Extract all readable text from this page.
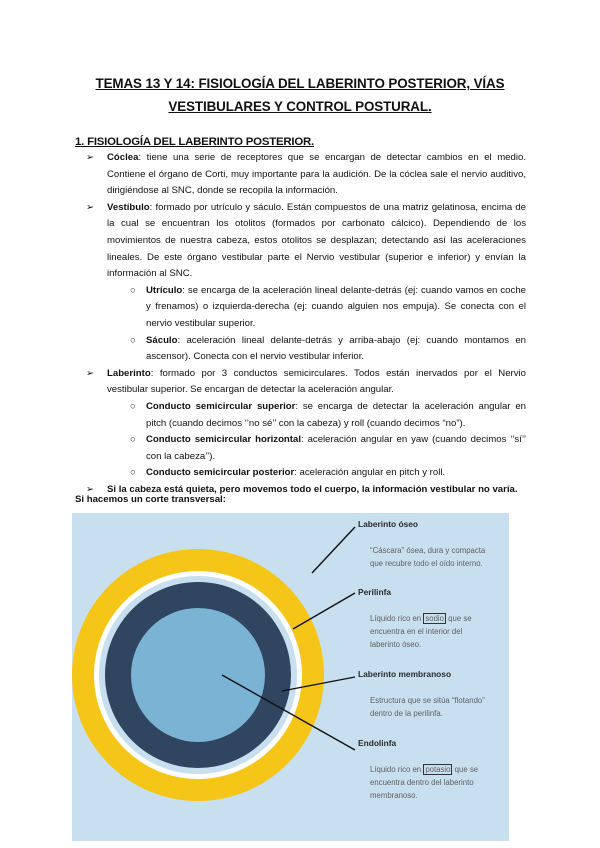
TEMAS 13 Y 14: FISIOLOGÍA DEL LABERINTO POSTERIOR, VÍAS
VESTIBULARES Y CONTROL POSTURAL.
1. FISIOLOGÍA DEL LABERINTO POSTERIOR.
➢ Cóclea: tiene una serie de receptores que se encargan de detectar cambios en el medio. Contiene el órgano de Corti, muy importante para la audición. De la cóclea sale el nervio auditivo, dirigiéndose al SNC, donde se recopila la información.
➢ Vestíbulo: formado por utrículo y sáculo. Están compuestos de una matriz gelatinosa, encima de la cual se encuentran los otolitos (formados por carbonato cálcico). Dependiendo de los movimientos de nuestra cabeza, estos otolitos se desplazan; detectando así las aceleraciones lineales. De este órgano vestibular parte el Nervio vestibular (superior e inferior) y envían la información al SNC.
○ Utrículo: se encarga de la aceleración lineal delante-detrás (ej: cuando vamos en coche y frenamos) o izquierda-derecha (ej: cuando alguien nos empuja). Se conecta con el nervio vestibular superior.
○ Sáculo: aceleración lineal delante-detrás y arriba-abajo (ej: cuando montamos en ascensor). Conecta con el nervio vestibular inferior.
➢ Laberinto: formado por 3 conductos semicirculares. Todos están inervados por el Nervio vestibular superior. Se encargan de detectar la aceleración angular.
○ Conducto semicircular superior: se encarga de detectar la aceleración angular en pitch (cuando decimos ‘’no sé’’ con la cabeza) y roll (cuando decimos “no”).
○ Conducto semicircular horizontal: aceleración angular en yaw (cuando decimos ‘’sí’’ con la cabeza’’).
○ Conducto semicircular posterior: aceleración angular en pitch y roll.
➢ Si la cabeza está quieta, pero movemos todo el cuerpo, la información vestibular no varía.
Si hacemos un corte transversal:
Laberinto óseo
“Cáscara” ósea, dura y compacta
que recubre todo el oído interno.
Perilinfa
Líquido rico en sodio que se
encuentra en el interior del
laberinto óseo.
Laberinto membranoso
Estructura que se sitúa “flotando”
dentro de la perilinfa.
Endolinfa
Líquido rico en potasio que se
encuentra dentro del laberinto
membranoso.
